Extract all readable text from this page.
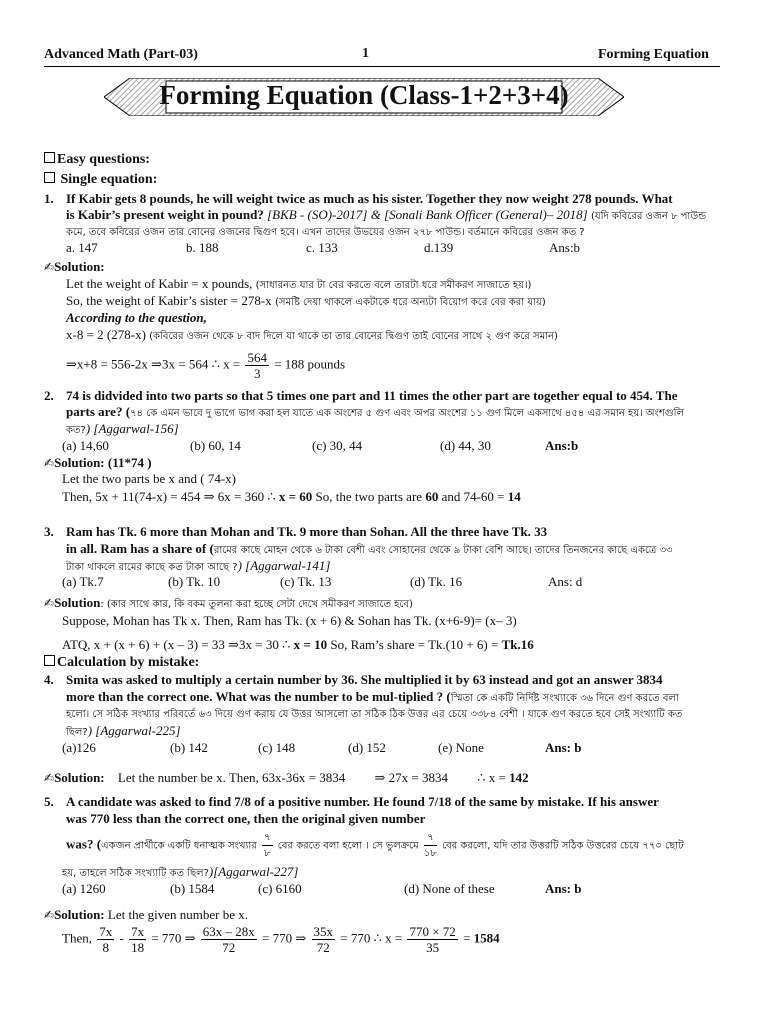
Advanced Math (Part-03)	1	Forming Equation
Forming Equation (Class-1+2+3+4)
Easy questions:
Single equation:
1. If Kabir gets 8 pounds, he will weight twice as much as his sister. Together they now weight 278 pounds. What
is Kabir’s present weight in pound? [BKB - (SO)-2017] & [Sonali Bank Officer (General)– 2018] (যদি কবিরের ওজন ৮ পাউন্ড
কমে, তবে কবিরের ওজন তার বোনের ওজনের দ্বিগুণ হবে। এখন তাদের উভয়ের ওজন ২৭৮ পাউন্ড। বর্তমানে কবিরের ওজন কত ?
a. 147	b. 188	c. 133	d.139	Ans:b
✍Solution:
Let the weight of Kabir = x pounds, (সাধারনত যার টা বের করতে বলে তারটা ধরে সমীকরণ সাজাতে হয়।)
So, the weight of Kabir’s sister = 278-x (সমষ্টি দেয়া থাকলে একটাকে ধরে অন্যটা বিয়োগ করে বের করা যায়)
According to the question,
x-8 = 2 (278-x) (কবিরের ওজন থেকে ৮ বাদ দিলে যা থাকে তা তার বোনের দ্বিগুণ তাই বোনের সাথে ২ গুণ করে সমান)
⇒x+8 = 556-2x ⇒3x = 564 ∴ $x = \frac{564}{3} = 188$ pounds
2. 74 is didvided into two parts so that 5 times one part and 11 times the other part are together equal to 454. The
parts are? (৭৪ কে এমন ভাবে দু ভাগে ভাগ করা হল যাতে এক অংশের ৫ গুণ এবং অপর অংশের ১১ গুণ মিলে একসাথে ৪৫৪ এর সমান হয়। অংশগুলি
কত?) [Aggarwal-156]
(a) 14,60	(b) 60, 14	(c) 30, 44	(d) 44, 30	Ans:b
✍Solution: (11*74 )
Let the two parts be x and ( 74-x)
Then, 5x + 11(74-x) = 454 ⇒ 6x = 360 ∴ x = 60 So, the two parts are 60 and 74-60 = 14
3. Ram has Tk. 6 more than Mohan and Tk. 9 more than Sohan. All the three have Tk. 33
in all. Ram has a share of (রামের কাছে মোহন থেকে ৬ টাকা বেশী এবং সোহানের থেকে ৯ টাকা বেশি আছে। তাদের তিনজনের কাছে একত্রে ৩৩
টাকা থাকলে রামের কাছে কত টাকা আছে ?) [Aggarwal-141]
(a) Tk.7	(b) Tk. 10	(c) Tk. 13	(d) Tk. 16	Ans: d
✍Solution: (কার সাথে কার, কি বকম তুলনা করা হচ্ছে সেটা দেখে সমীকরণ সাজাতে হবে)
Suppose, Mohan has Tk x. Then, Ram has Tk. (x + 6) & Sohan has Tk. (x+6-9)= (x– 3)
ATQ, x + (x + 6) + (x – 3) = 33 ⇒3x = 30 ∴ x = 10 So, Ram’s share = Tk.(10 + 6) = Tk.16
Calculation by mistake:
4. Smita was asked to multiply a certain number by 36. She multiplied it by 63 instead and got an answer 3834
more than the correct one. What was the number to be mul-tiplied ? (স্মিতা কে একটি নির্দিষ্ট সংখ্যাকে ৩৬ দিনে গুণ করতে বলা
হলো। সে সঠিক সংখ্যার পরিবর্তে ৬৩ দিয়ে গুণ করায় যে উত্তর আসলো তা সঠিক ঠিক উত্তর এর চেয়ে ৩৩৮৪ বেশী । যাকে গুণ করতে হবে সেই সংখ্যাটি কত
ছিল?) [Aggarwal-225]
(a)126	(b) 142	(c) 148	(d) 152	(e) None	Ans: b
✍Solution: Let the number be x. Then, 63x-36x = 3834 ⇒ 27x = 3834 ∴ x = 142
5. A candidate was asked to find 7/8 of a positive number. He found 7/18 of the same by mistake. If his answer
was 770 less than the correct one, then the original given number
was? (একজন প্রার্থীকে একটি ধনাত্মক সংখ্যার $\frac{৭}{৮}$ বের করতে বলা হলো । সে ভুলক্রমে $\frac{৭}{১৮}$ বের করলো, যদি তার উত্তরটি সঠিক উত্তরের চেয়ে ৭৭০ ছোট
হয়, তাহলে সঠিক সংখ্যাটি কত ছিল?)[Aggarwal-227]
(a) 1260	(b) 1584	(c) 6160	(d) None of these	Ans: b
✍Solution: Let the given number be x.
Then, $\frac{7x}{8} - \frac{7x}{18} = 770$ ⇒ $\frac{63x - 28x}{72} = 770$ ⇒ $\frac{35x}{72} = 770$ ∴ $x = \frac{770 \times 72}{35} = 1584$
